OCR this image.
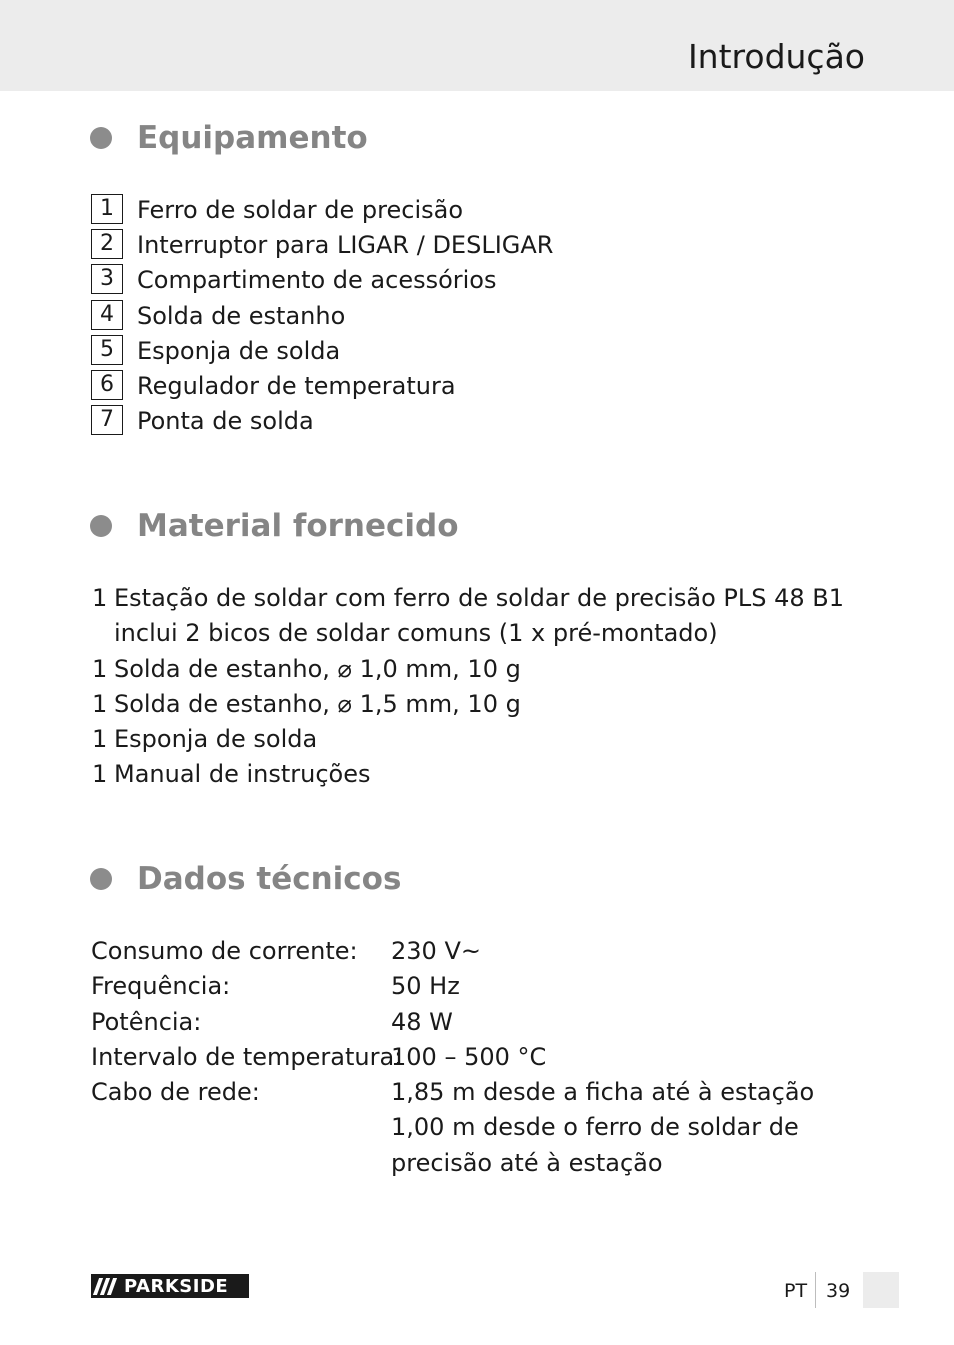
Introdução
Equipamento
1 Ferro de soldar de precisão
2 Interruptor para LIGAR / DESLIGAR
3 Compartimento de acessórios
4 Solda de estanho
5 Esponja de solda
6 Regulador de temperatura
7 Ponta de solda
Material fornecido
1 Estação de soldar com ferro de soldar de precisão PLS 48 B1
inclui 2 bicos de soldar comuns (1 x pré-montado)
1 Solda de estanho, ⌀ 1,0 mm, 10 g
1 Solda de estanho, ⌀ 1,5 mm, 10 g
1 Esponja de solda
1 Manual de instruções
Dados técnicos
Consumo de corrente:	230 V~
Frequência:	50 Hz
Potência:	48 W
Intervalo de temperatura:
100 – 500 °C
Cabo de rede:	1,85 m desde a ficha até à estação
1,00 m desde o ferro de soldar de
precisão até à estação
PARKSIDE	PT 39
